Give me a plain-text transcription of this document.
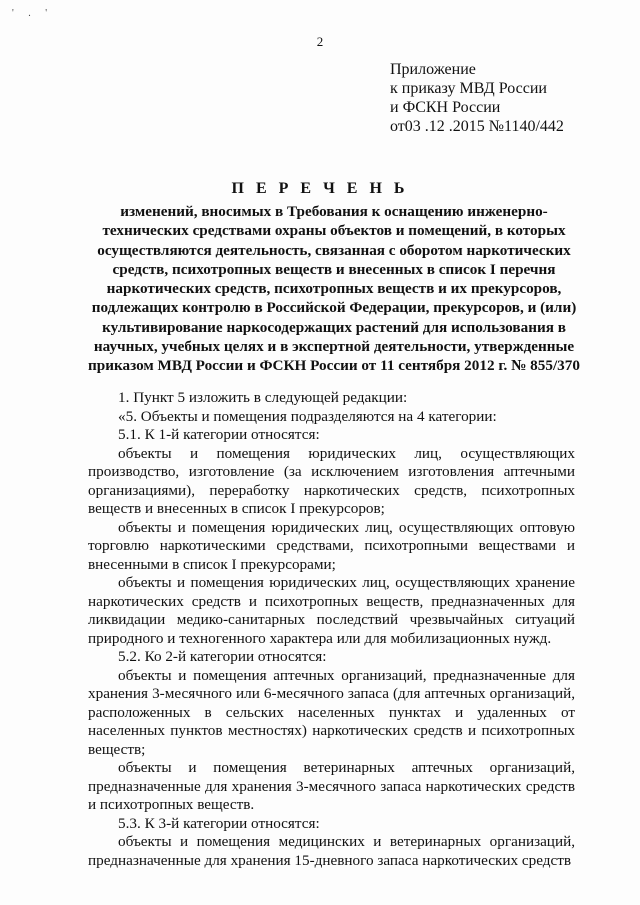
' . '
2
Приложение
к приказу МВД России
и ФСКН России
от03 .12 .2015 №1140/442
П Е Р Е Ч Е Н Ь
изменений, вносимых в Требования к оснащению инженерно-технических средствами охраны объектов и помещений, в которых осуществляются деятельность, связанная с оборотом наркотических средств, психотропных веществ и внесенных в список I перечня наркотических средств, психотропных веществ и их прекурсоров, подлежащих контролю в Российской Федерации, прекурсоров, и (или) культивирование наркосодержащих растений для использования в научных, учебных целях и в экспертной деятельности, утвержденные приказом МВД России и ФСКН России от 11 сентября 2012 г. № 855/370

1. Пункт 5 изложить в следующей редакции:

«5. Объекты и помещения подразделяются на 4 категории:

5.1. К 1-й категории относятся:

объекты и помещения юридических лиц, осуществляющих производство, изготовление (за исключением изготовления аптечными организациями), переработку наркотических средств, психотропных веществ и внесенных в список I прекурсоров;

объекты и помещения юридических лиц, осуществляющих оптовую торговлю наркотическими средствами, психотропными веществами и внесенными в список I прекурсорами;

объекты и помещения юридических лиц, осуществляющих хранение наркотических средств и психотропных веществ, предназначенных для ликвидации медико-санитарных последствий чрезвычайных ситуаций природного и техногенного характера или для мобилизационных нужд.

5.2. Ко 2-й категории относятся:

объекты и помещения аптечных организаций, предназначенные для хранения 3-месячного или 6-месячного запаса (для аптечных организаций, расположенных в сельских населенных пунктах и удаленных от населенных пунктов местностях) наркотических средств и психотропных веществ;

объекты и помещения ветеринарных аптечных организаций, предназначенные для хранения 3-месячного запаса наркотических средств и психотропных веществ.

5.3. К 3-й категории относятся:

объекты и помещения медицинских и ветеринарных организаций, предназначенные для хранения 15-дневного запаса наркотических средств
